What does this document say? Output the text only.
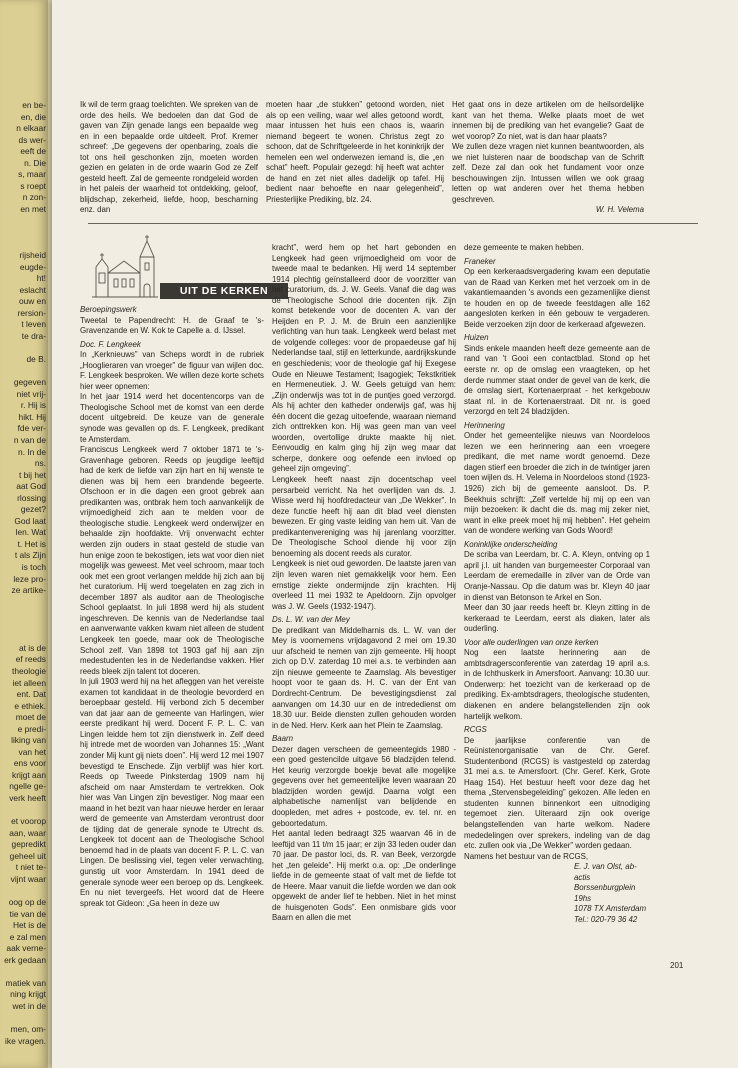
en be-
en, die
n elkaar
ds wer-
eeft de
n. Die
s, maar
s roept
n zon-
en met
rijsheid
eugde-
ht!
eslacht
ouw en
rersion-
t leven
te dra-
de B.
gegeven
niet vrij-
r. Hij is
hikt. Hij
fde ver-
n van de
n. In de
ns.
t bij het
aat God
rlossing
gezet?
God laat
len. Wat
t. Het is
t als Zijn
is toch
leze pro-
ze artike-
at is de
ef reeds
theologie
iet alleen
ent. Dat
e ethiek.
moet de
e predi-
liking van
van het
ens voor
krijgt aan
ngelle ge-
verk heeft
et voorop
aan, waar
gepredikt
geheel uit
t niet te-
vijnt waar
oog op de
tie van de
Het is de
e zal men
aak verne-
erk gedaan
matiek van
ning krijgt
wet in de
men, om-
ike vragen.

Ik wil de term graag toelichten. We spreken van de orde des heils. We bedoelen dan dat God de gaven van Zijn genade langs een bepaalde weg en in een bepaalde orde uitdeelt. Prof. Kremer schreef: „De gegevens der openbaring, zoals die tot ons heil geschonken zijn, moeten worden gezien en gelaten in de orde waarin God ze Zelf gesteld heeft. Zal de gemeente rondgeleid worden in het paleis der waarheid tot ontdekking, geloof, blijdschap, zekerheid, liefde, hoop, bescharning enz. dan

moeten haar „de stukken” getoond worden, niet als op een veiling, waar wel alles getoond wordt, maar intussen het huis een chaos is, waarin niemand begeert te wonen. Christus zegt zo schoon, dat de Schriftgeleerde in het koninkrijk der hemelen een wel onderwezen iemand is, die „en schat” heeft. Populair gezegd: hij heeft wat achter de hand en zet niet alles dadelijk op tafel. Hij bedient naar behoefte en naar gelegenheid”, Priesterlijke Prediking, blz. 24.

Het gaat ons in deze artikelen om de heilsordelijke kant van het thema. Welke plaats moet de wet innemen bij de prediking van het evangelie? Gaat de wet voorop? Zo niet, wat is dan haar plaats?

We zullen deze vragen niet kunnen beantwoorden, als we niet luisteren naar de boodschap van de Schrift zelf. Deze zal dan ook het fundament voor onze beschouwingen zijn. Intussen willen we ook graag letten op wat anderen over het thema hebben geschreven.

W. H. Velema

UIT DE KERKEN

Beroepingswerk

Tweetal te Papendrecht: H. de Graaf te 's-Gravenzande en W. Kok te Capelle a. d. IJssel.

Doc. F. Lengkeek

In „Kerknieuws” van Scheps wordt in de rubriek „Hooglieraren van vroeger” de figuur van wijlen doc. F. Lengkeek besproken. We willen deze korte schets hier weer opnemen:

In het jaar 1914 werd het docentencorps van de Theologische School met de komst van een derde docent uitgebreid. De keuze van de generale synode was gevallen op ds. F. Lengkeek, predikant te Amsterdam.

Franciscus Lengkeek werd 7 oktober 1871 te 's-Gravenhage geboren. Reeds op jeugdige leeftijd had de kerk de liefde van zijn hart en hij wenste te dienen was bij hem een brandende begeerte. Ofschoon er in die dagen een groot gebrek aan predikanten was, ontbrak hem toch aanvankelijk de vrijmoedigheid zich aan te melden voor de theologische studie. Lengkeek werd onderwijzer en behaalde zijn hoofdakte. Vrij onverwacht echter werden zijn ouders in staat gesteld de studie van hun enige zoon te bekostigen, iets wat voor dien niet mogelijk was geweest. Met veel schroom, maar toch ook met een groot verlangen meldde hij zich aan bij het curatorium. Hij werd toegelaten en zag zich in december 1897 als auditor aan de Theologische School geplaatst. In juli 1898 werd hij als student ingeschreven. De kennis van de Nederlandse taal en aanverwante vakken kwam niet alleen de student Lengkeek ten goede, maar ook de Theologische School zelf. Van 1898 tot 1903 gaf hij aan zijn medestudenten les in de Nederlandse vakken. Hier reeds bleek zijn talent tot doceren.

In juli 1903 werd hij na het afleggen van het vereiste examen tot kandidaat in de theologie bevorderd en beroepbaar gesteld. Hij verbond zich 5 december van dat jaar aan de gemeente van Harlingen, wier eerste predikant hij werd. Docent F. P. L. C. van Lingen leidde hem tot zijn dienstwerk in. Zelf deed hij intrede met de woorden van Johannes 15: „Want zonder Mij kunt gij niets doen”. Hij werd 12 mei 1907 bevestigd te Enschede. Zijn verblijf was hier kort. Reeds op Tweede Pinksterdag 1909 nam hij afscheid om naar Amsterdam te vertrekken. Ook hier was Van Lingen zijn bevestiger. Nog maar een maand in het bezit van haar nieuwe herder en leraar werd de gemeente van Amsterdam verontrust door de tijding dat de generale synode te Utrecht ds. Lengkeek tot docent aan de Theologische School benoemd had in de plaats van docent F. P. L. C. van Lingen. De beslissing viel, tegen veler verwachting, gunstig uit voor Amsterdam. In 1941 deed de generale synode weer een beroep op ds. Lengkeek. En nu niet tevergeefs. Het woord dat de Heere spreak tot Gideon: „Ga heen in deze uw

kracht”, werd hem op het hart gebonden en Lengkeek had geen vrijmoedigheid om voor de tweede maal te bedanken. Hij werd 14 september 1914 plechtig geïnstalleerd door de voorzitter van het curatorium, ds. J. W. Geels. Vanaf die dag was de Theologische School drie docenten rijk. Zijn komst betekende voor de docenten A. van der Heijden en P. J. M. de Bruin een aanzienlijke verlichting van hun taak. Lengkeek werd belast met de volgende colleges: voor de propaedeuse gaf hij Nederlandse taal, stijl en letterkunde, aardrijkskunde en geschiedenis; voor de theologie gaf hij Exegese Oude en Nieuwe Testament; Isagogiek; Tekstkritiek en Hermeneutiek. J. W. Geels getuigd van hem: „Zijn onderwijs was tot in de puntjes goed verzorgd. Als hij achter den katheder onderwijs gaf, was hij één docent die gezag uitoefende, waaraan niemand zich onttrekken kon. Hij was geen man van veel woorden, overtollige drukte maakte hij niet. Eenvoudig en kalm ging hij zijn weg maar dat scherpe, donkere oog oefende een invloed op geheel zijn omgeving”.

Lengkeek heeft naast zijn docentschap veel persarbeid verricht. Na het overlijden van ds. J. Wisse werd hij hoofdredacteur van „De Wekker”. In deze functie heeft hij aan dit blad veel diensten bewezen. Er ging vaste leiding van hem uit. Van de predikantenvereniging was hij jarenlang voorzitter. De Theologische School diende hij voor zijn benoeming als docent reeds als curator.

Lengkeek is niet oud geworden. De laatste jaren van zijn leven waren niet gemakkelijk voor hem. Een ernstige ziekte ondermijnde zijn krachten. Hij overleed 11 mei 1932 te Apeldoorn. Zijn opvolger was J. W. Geels (1932-1947).

Ds. L. W. van der Mey

De predikant van Middelharnis ds. L. W. van der Mey is voornemens vrijdagavond 2 mei om 19.30 uur afscheid te nemen van zijn gemeente. Hij hoopt zich op D.V. zaterdag 10 mei a.s. te verbinden aan zijn nieuwe gemeente te Zaamslag. Als bevestiger hoopt voor te gaan ds. H. C. van der Ent van Dordrecht-Centrum. De bevestigingsdienst zal aanvangen om 14.30 uur en de intrededienst om 18.30 uur. Beide diensten zullen gehouden worden in de Ned. Herv. Kerk aan het Plein te Zaamslag.

Baarn

Dezer dagen verscheen de gemeentegids 1980 - een goed gestencilde uitgave 56 bladzijden telend. Het keurig verzorgde boekje bevat alle mogelijke gegevens over het gemeentelijke leven waaraan 20 bladzijden worden gewijd. Daarna volgt een alphabetische namenlijst van belijdende en doopleden, met adres + postcode, ev. tel. nr. en geboortedatum.

Het aantal leden bedraagt 325 waarvan 46 in de leeftijd van 11 t/m 15 jaar; er zijn 33 leden ouder dan 70 jaar. De pastor loci, ds. R. van Beek, verzorgde het „ten geleide”. Hij merkt o.a. op: „De onderlinge liefde in de gemeente staat of valt met de liefde tot de Heere. Maar vanuit die liefde worden we dan ook opgewekt de ander lief te hebben. Niet in het minst de huisgenoten Gods”. Een onmisbare gids voor Baarn en allen die met

deze gemeente te maken hebben.

Franeker

Op een kerkeraadsvergadering kwam een deputatie van de Raad van Kerken met het verzoek om in de vakantiemaanden 's avonds een gezamenlijke dienst te houden en op de tweede feestdagen alle 162 aangesloten kerken in één gebouw te vergaderen. Beide verzoeken zijn door de kerkeraad afgewezen.

Huizen

Sinds enkele maanden heeft deze gemeente aan de rand van 't Gooi een contactblad. Stond op het eerste nr. op de omslag een vraagteken, op het derde nummer staat onder de gevel van de kerk, die de omslag siert, Kortenaerpraat - het kerkgebouw staat nl. in de Kortenaerstraat. Dit nr. is goed verzorgd en telt 24 bladzijden.

Herinnering

Onder het gemeentelijke nieuws van Noordeloos lezen we een herinnering aan een vroegere predikant, die met name wordt genoemd. Deze dagen stierf een broeder die zich in de twintiger jaren toen wijlen ds. H. Velema in Noordeloos stond (1923-1926) zich bij de gemeente aansloot. Ds. P. Beekhuis schrijft: „Zelf vertelde hij mij op een van mijn bezoeken: ik dacht die ds. mag mij zeker niet, want in elke preek moet hij mij hebben”. Het geheim van de wondere werking van Gods Woord!

Koninklijke onderscheiding

De scriba van Leerdam, br. C. A. Kleyn, ontving op 1 april j.l. uit handen van burgemeester Corporaal van Leerdam de eremedaille in zilver van de Orde van Oranje-Nassau. Op die datum was br. Kleyn 40 jaar in dienst van Betonson te Arkel en Son.

Meer dan 30 jaar reeds heeft br. Kleyn zitting in de kerkeraad te Leerdam, eerst als diaken, later als ouderling.

Voor alle ouderlingen van onze kerken

Nog een laatste herinnering aan de ambtsdragersconferentie van zaterdag 19 april a.s. in de Ichthuskerk in Amersfoort. Aanvang: 10.30 uur. Onderwerp: het toezicht van de kerkeraad op de prediking. Ex-ambtsdragers, theologische studenten, diakenen en andere belangstellenden zijn ook hartelijk welkom.

RCGS

De jaarlijkse conferentie van de Reünistenorganisatie van de Chr. Geref. Studentenbond (RCGS) is vastgesteld op zaterdag 31 mei a.s. te Amersfoort. (Chr. Geref. Kerk, Grote Haag 154). Het bestuur heeft voor deze dag het thema „Stervensbegeleiding” gekozen. Alle leden en studenten kunnen binnenkort een uitnodiging tegemoet zien. Uiteraard zijn ook overige belangstellenden van harte welkom. Nadere mededelingen over sprekers, indeling van de dag etc. zullen ook via „De Wekker” worden gedaan.

Namens het bestuur van de RCGS,

E. J. van Olst, ab-actis

Borssenburgplein 19hs

1078 TX Amsterdam

Tel.: 020-79 36 42

201
